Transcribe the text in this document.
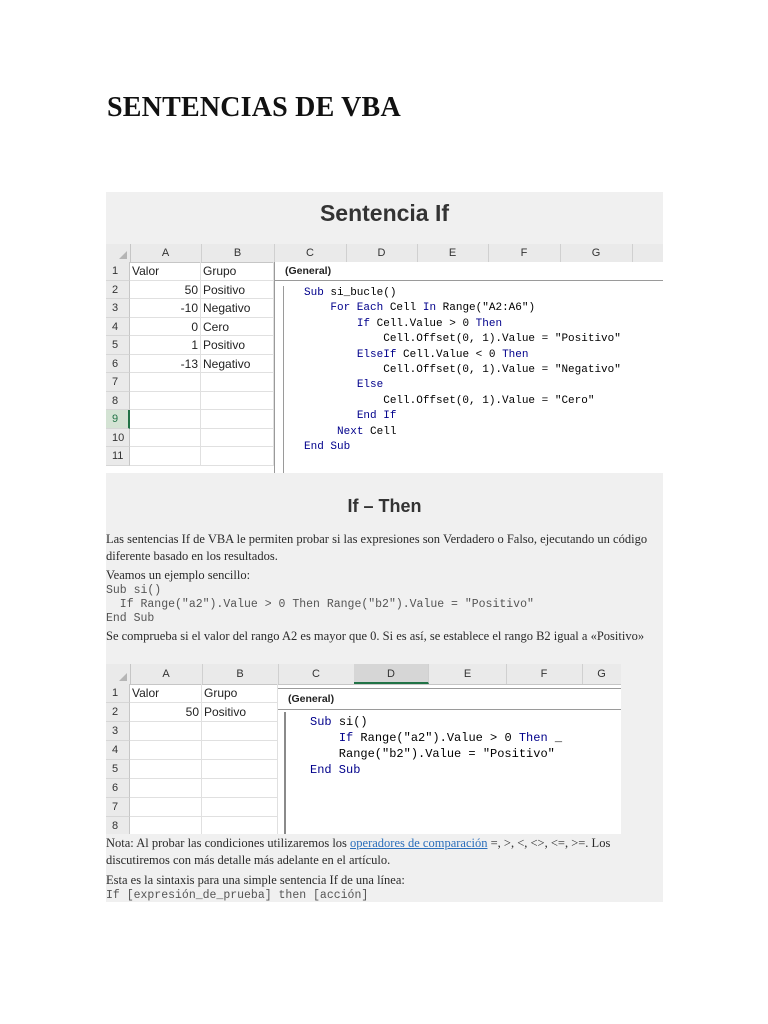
SENTENCIAS DE VBA
Sentencia If
A	B	C	D	E	F	G
(General)
Sub si_bucle()
For Each Cell In Range("A2:A6")
If Cell.Value > 0 Then
Cell.Offset(0, 1).Value = "Positivo"
ElseIf Cell.Value < 0 Then
Cell.Offset(0, 1).Value = "Negativo"
Else
Cell.Offset(0, 1).Value = "Cero"
End If
Next Cell
End Sub
1	Valor	Grupo
2	50 Positivo
3	-10 Negativo
4	0 Cero
5	1 Positivo
6	-13 Negativo
7
8
9
10
11
If – Then
Las sentencias If de VBA le permiten probar si las expresiones son Verdadero o Falso, ejecutando un código diferente basado en los resultados.
Veamos un ejemplo sencillo:
Sub si()
If Range("a2").Value > 0 Then Range("b2").Value = "Positivo"
End Sub
Se comprueba si el valor del rango A2 es mayor que 0. Si es así, se establece el rango B2 igual a «Positivo»
A	B	C	D	E	F	G
(General)
Sub si()
If Range("a2").Value > 0 Then _
Range("b2").Value = "Positivo"
End Sub
1	Valor	Grupo
2	50 Positivo
3
4
5
6
7
8
Nota: Al probar las condiciones utilizaremos los operadores de comparación =, >, <, <>, <=, >=. Los discutiremos con más detalle más adelante en el artículo.
Esta es la sintaxis para una simple sentencia If de una línea:
If [expresión_de_prueba] then [acción]
